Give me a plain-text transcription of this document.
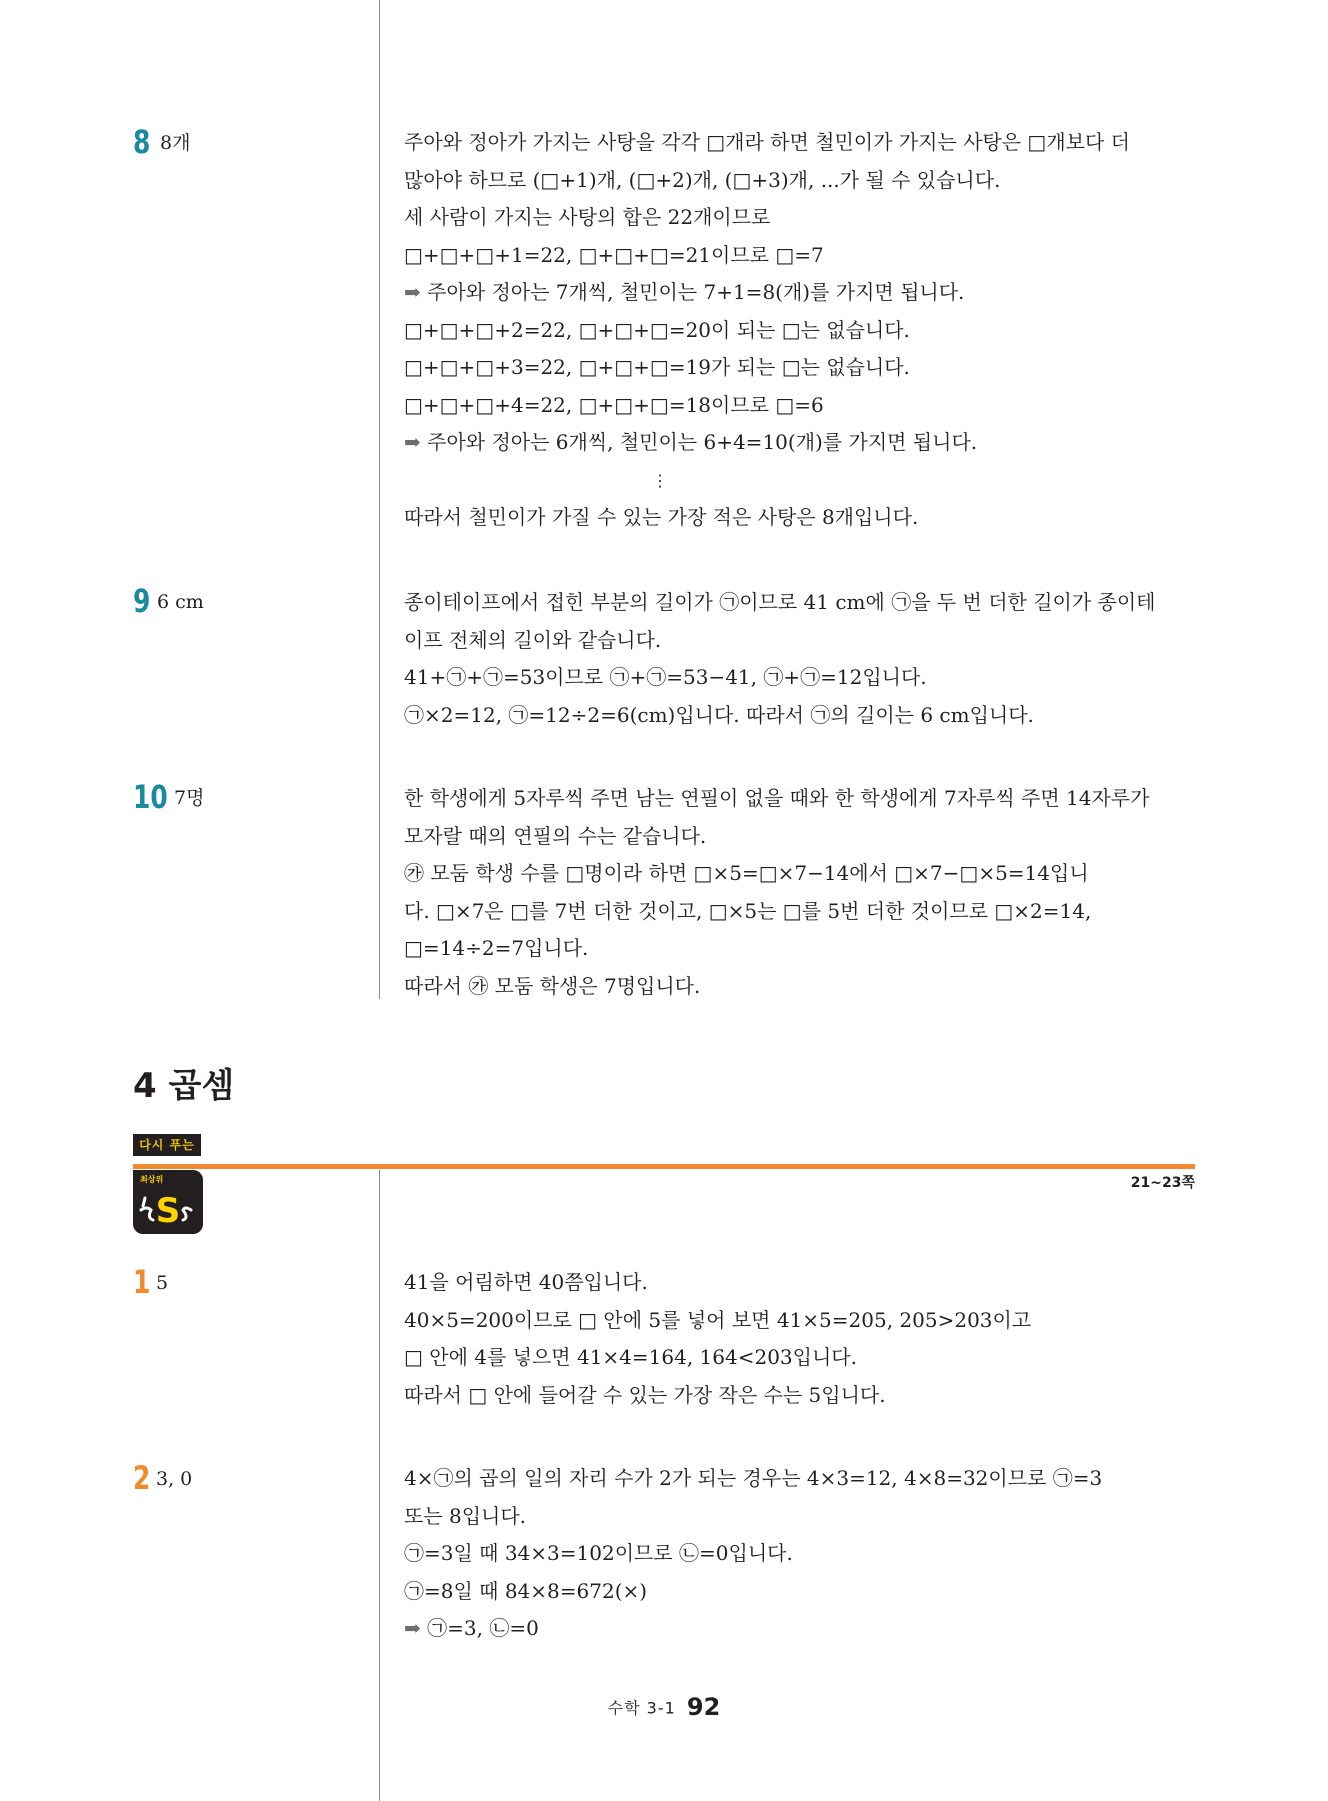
8 8개	주아와 정아가 가지는 사탕을 각각 □개라 하면 철민이가 가지는 사탕은 □개보다 더
많아야 하므로 (□+1)개, (□+2)개, (□+3)개, ...가 될 수 있습니다.
세 사람이 가지는 사탕의 합은 22개이므로
□+□+□+1=22, □+□+□=21이므로 □=7
➡ 주아와 정아는 7개씩, 철민이는 7+1=8(개)를 가지면 됩니다.
□+□+□+2=22, □+□+□=20이 되는 □는 없습니다.
□+□+□+3=22, □+□+□=19가 되는 □는 없습니다.
□+□+□+4=22, □+□+□=18이므로 □=6
➡ 주아와 정아는 6개씩, 철민이는 6+4=10(개)를 가지면 됩니다.
⋮
따라서 철민이가 가질 수 있는 가장 적은 사탕은 8개입니다.
9 6 cm	종이테이프에서 접힌 부분의 길이가 ㉠이므로 41 cm에 ㉠을 두 번 더한 길이가 종이테
이프 전체의 길이와 같습니다.
41+㉠+㉠=53이므로 ㉠+㉠=53−41, ㉠+㉠=12입니다.
㉠×2=12, ㉠=12÷2=6(cm)입니다. 따라서 ㉠의 길이는 6 cm입니다.
10 7명	한 학생에게 5자루씩 주면 남는 연필이 없을 때와 한 학생에게 7자루씩 주면 14자루가
모자랄 때의 연필의 수는 같습니다.
㉮ 모둠 학생 수를 □명이라 하면 □×5=□×7−14에서 □×7−□×5=14입니
다. □×7은 □를 7번 더한 것이고, □×5는 □를 5번 더한 것이므로 □×2=14,
□=14÷2=7입니다.
따라서 ㉮ 모둠 학생은 7명입니다.
4 곱셈
다시 푸는
최상위
S
21~23쪽
1 5	41을 어림하면 40쯤입니다.
40×5=200이므로 □ 안에 5를 넣어 보면 41×5=205, 205>203이고
□ 안에 4를 넣으면 41×4=164, 164<203입니다.
따라서 □ 안에 들어갈 수 있는 가장 작은 수는 5입니다.
2 3, 0	4×㉠의 곱의 일의 자리 수가 2가 되는 경우는 4×3=12, 4×8=32이므로 ㉠=3
또는 8입니다.
㉠=3일 때 34×3=102이므로 ㉡=0입니다.
㉠=8일 때 84×8=672(×)
➡ ㉠=3, ㉡=0
수학 3-1 92
